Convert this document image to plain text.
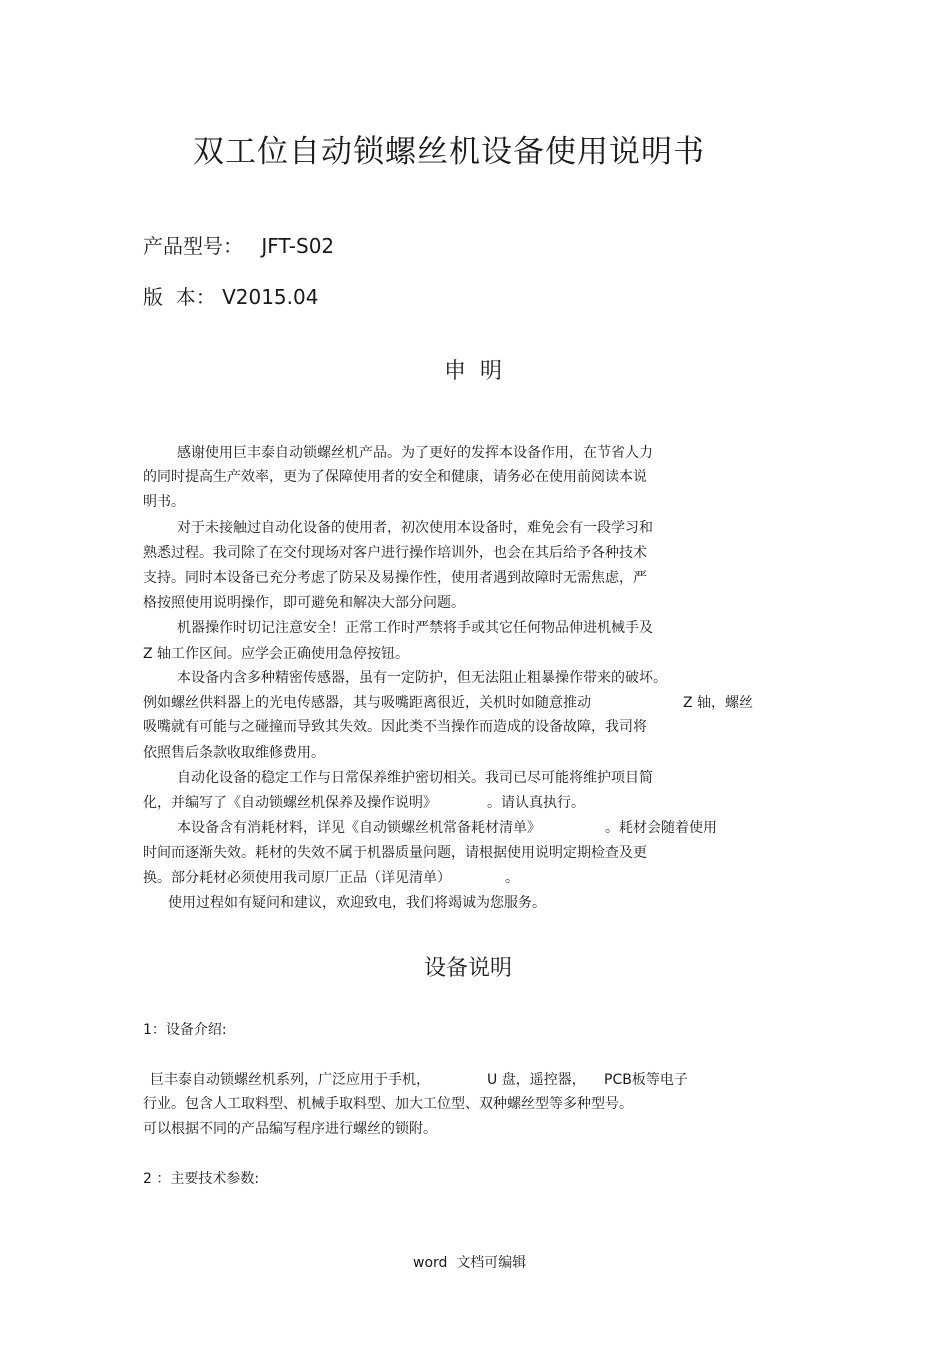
双工位自动锁螺丝机设备使用说明书
产品型号： JFT-S02
版  本： V2015.04
申  明
感谢使用巨丰泰自动锁螺丝机产品。为了更好的发挥本设备作用，在节省人力
的同时提高生产效率，更为了保障使用者的安全和健康，请务必在使用前阅读本说
明书。
对于未接触过自动化设备的使用者，初次使用本设备时，难免会有一段学习和
熟悉过程。我司除了在交付现场对客户进行操作培训外，也会在其后给予各种技术
支持。同时本设备已充分考虑了防呆及易操作性，使用者遇到故障时无需焦虑，严
格按照使用说明操作，即可避免和解决大部分问题。
机器操作时切记注意安全！正常工作时严禁将手或其它任何物品伸进机械手及
Z 轴工作区间。应学会正确使用急停按钮。
本设备内含多种精密传感器，虽有一定防护，但无法阻止粗暴操作带来的破坏。
例如螺丝供料器上的光电传感器，其与吸嘴距离很近，关机时如随意推动	Z 轴，螺丝
吸嘴就有可能与之碰撞而导致其失效。因此类不当操作而造成的设备故障，我司将
依照售后条款收取维修费用。
自动化设备的稳定工作与日常保养维护密切相关。我司已尽可能将维护项目简
化，并编写了《自动锁螺丝机保养及操作说明》	。请认真执行。
本设备含有消耗材料，详见《自动锁螺丝机常备耗材清单》	。耗材会随着使用
时间而逐渐失效。耗材的失效不属于机器质量问题，请根据使用说明定期检查及更
换。部分耗材必须使用我司原厂正品（详见清单）	。
使用过程如有疑问和建议，欢迎致电，我们将竭诚为您服务。
设备说明
1：设备介绍:
巨丰泰自动锁螺丝机系列，广泛应用于手机，	U 盘，遥控器， PCB板等电子
行业。包含人工取料型、机械手取料型、加大工位型、双种螺丝型等多种型号。
可以根据不同的产品编写程序进行螺丝的锁附。
2 ：主要技术参数:
word  文档可编辑
